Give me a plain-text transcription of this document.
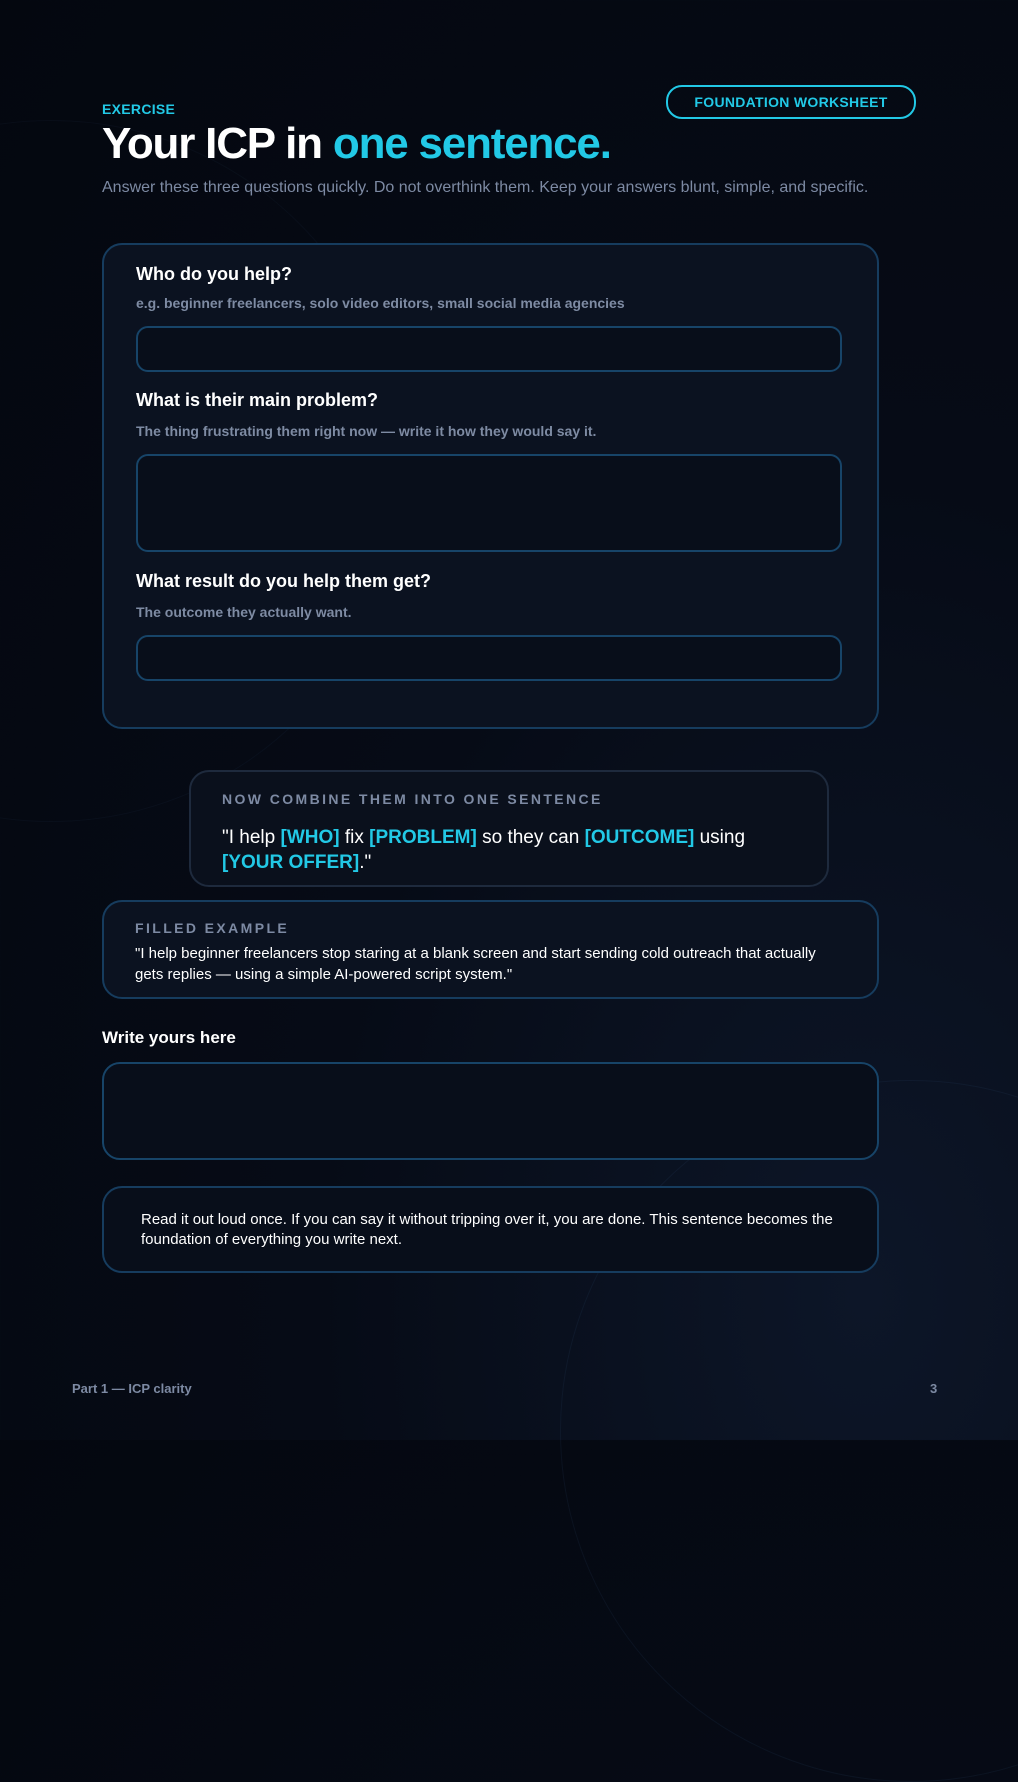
EXERCISE	FOUNDATION WORKSHEET
Your ICP in one sentence.

Answer these three questions quickly. Do not overthink them. Keep your answers blunt, simple, and specific.

Who do you help?

e.g. beginner freelancers, solo video editors, small social media agencies

What is their main problem?

The thing frustrating them right now — write it how they would say it.

What result do you help them get?

The outcome they actually want.

NOW COMBINE THEM INTO ONE SENTENCE

"I help [WHO] fix [PROBLEM] so they can [OUTCOME] using [YOUR OFFER]."

FILLED EXAMPLE

"I help beginner freelancers stop staring at a blank screen and start sending cold outreach that actually gets replies — using a simple AI-powered script system."

Write yours here

Read it out loud once. If you can say it without tripping over it, you are done. This sentence becomes the foundation of everything you write next.

Part 1 — ICP clarity	3
